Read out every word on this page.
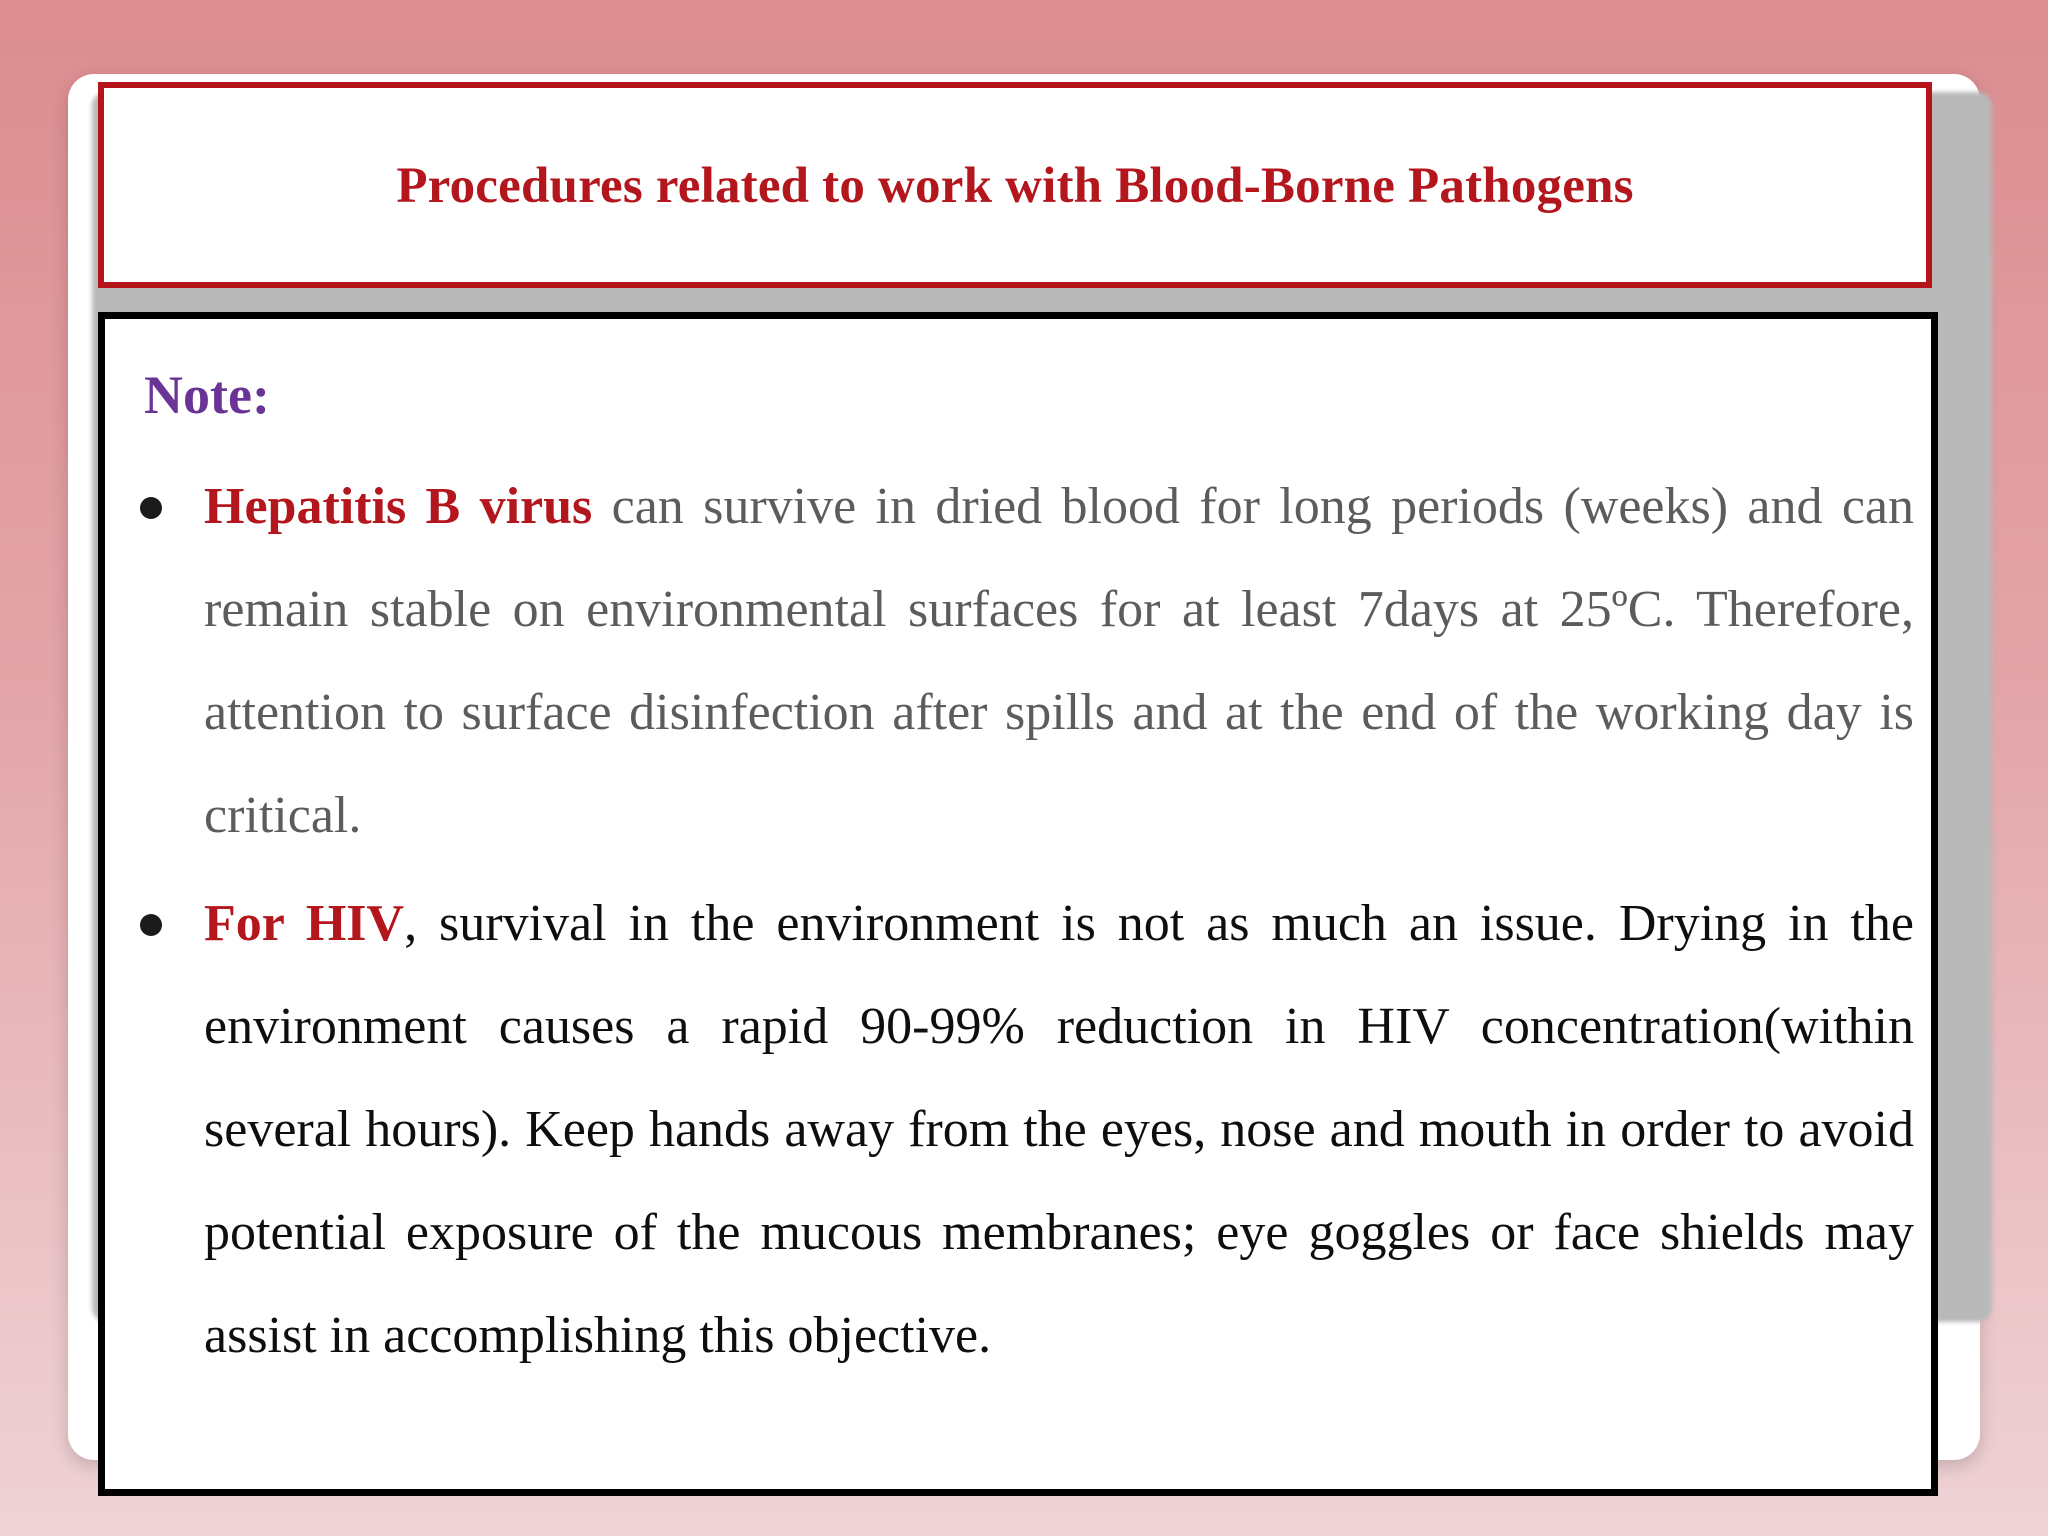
Procedures related to work with Blood-Borne Pathogens
Note:
Hepatitis B virus can survive in dried blood for long periods (weeks) and can remain stable on environmental surfaces for at least 7days at 25ºC. Therefore, attention to surface disinfection after spills and at the end of the working day is critical.
For HIV, survival in the environment is not as much an issue. Drying in the environment causes a rapid 90-99% reduction in HIV concentration(within several hours). Keep hands away from the eyes, nose and mouth in order to avoid potential exposure of the mucous membranes; eye goggles or face shields may assist in accomplishing this objective.
